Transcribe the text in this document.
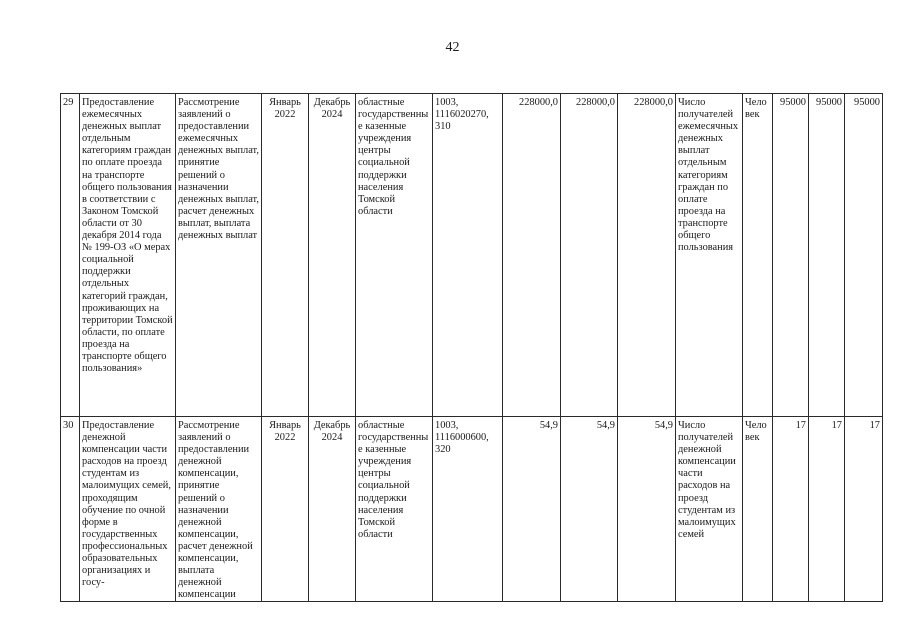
42
29	Предоставление ежемесячных денежных выплат отдельным категориям граждан по оплате проезда на транспорте общего пользования в соответствии с Законом Томской области от 30 декабря 2014 года № 199-ОЗ «О мерах социальной поддержки отдельных категорий граждан, проживающих на территории Томской области, по оплате проезда на транспорте общего пользования»	Рассмотрение заявлений о предоставлении ежемесячных денежных выплат, принятие решений о назначении денежных выплат, расчет денежных выплат, выплата денежных выплат	Январь 2022	Декабрь 2024	областные государственные казенные учреждения центры социальной поддержки населения Томской области	1003, 1116020270, 310	228000,0	228000,0	228000,0	Число получателей ежемесячных денежных выплат отдельным категориям граждан по оплате проезда на транспорте общего пользования	Человек	95000	95000	95000
30	Предоставление денежной компенсации части расходов на проезд студентам из малоимущих семей, проходящим обучение по очной форме в государственных профессиональных образовательных организациях и госу-	Рассмотрение заявлений о предоставлении денежной компенсации, принятие решений о назначении денежной компенсации, расчет денежной компенсации, выплата денежной компенсации	Январь 2022	Декабрь 2024	областные государственные казенные учреждения центры социальной поддержки населения Томской области	1003, 1116000600, 320	54,9	54,9	54,9	Число получателей денежной компенсации части расходов на проезд студентам из малоимущих семей	Человек	17	17	17
